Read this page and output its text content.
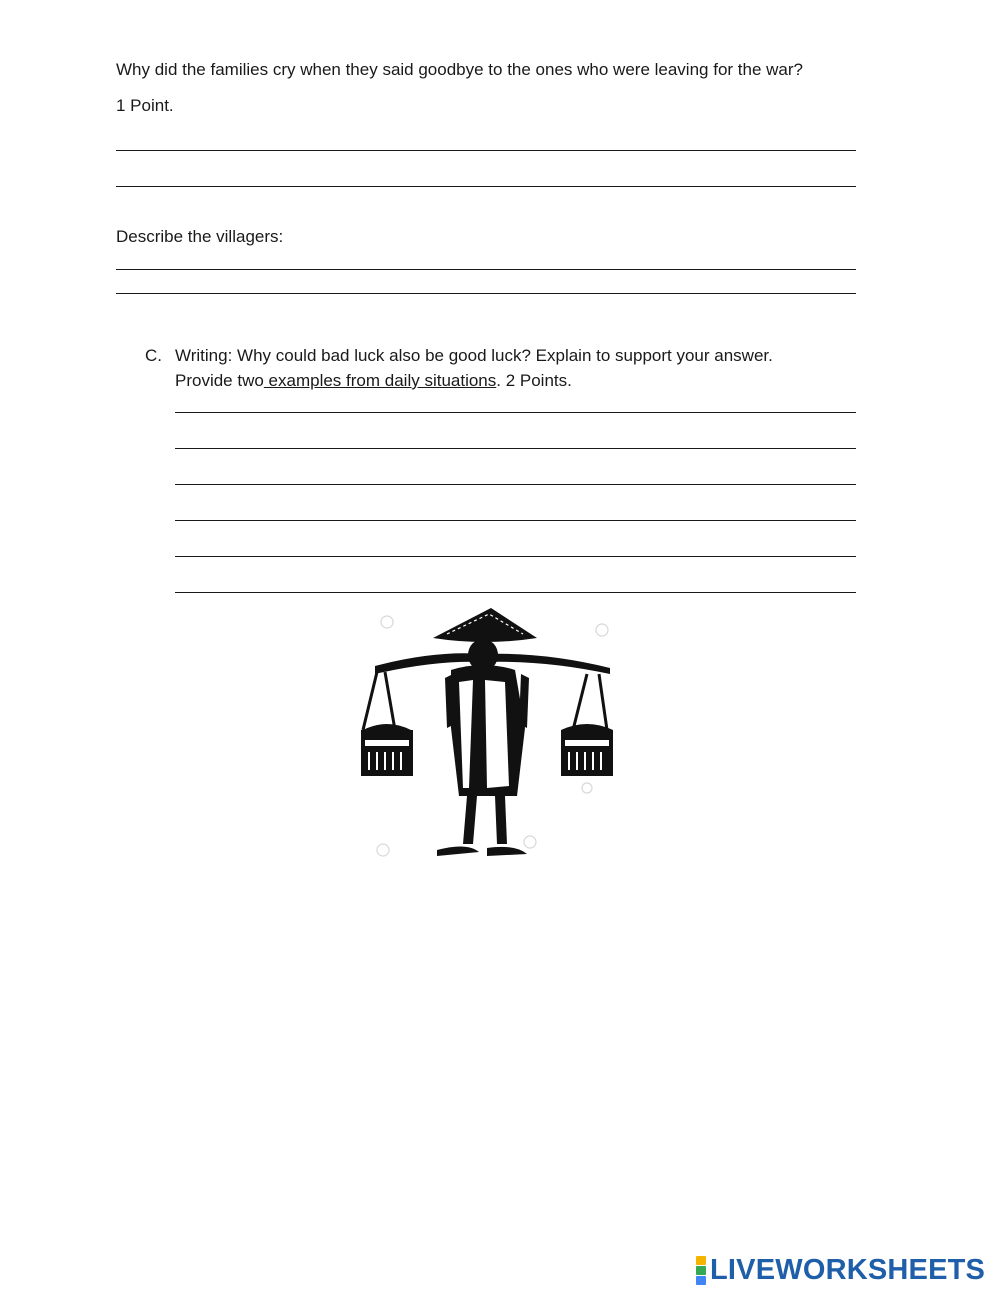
Why did the families cry when they said goodbye to the ones who were leaving for the war?
1 Point.
Describe the villagers:
C. Writing: Why could bad luck also be good luck? Explain to support your answer.
Provide two examples from daily situations. 2 Points.
LIVEWORKSHEETS
